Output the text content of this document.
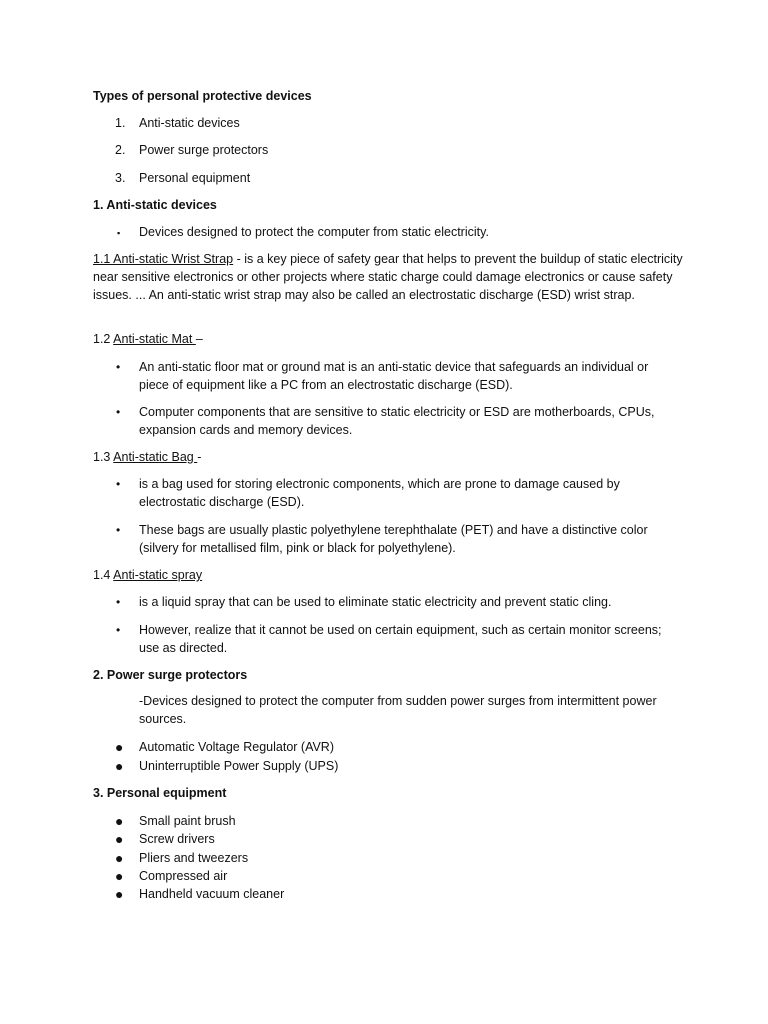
Types of personal protective devices

1. Anti-static devices
2. Power surge protectors
3. Personal equipment

1. Anti-static devices

▪	Devices designed to protect the computer from static electricity.

1.1 Anti-static Wrist Strap - is a key piece of safety gear that helps to prevent the buildup of static electricity near sensitive electronics or other projects where static charge could damage electronics or cause safety issues. ... An anti-static wrist strap may also be called an electrostatic discharge (ESD) wrist strap.

1.2 Anti-static Mat –

•	An anti-static floor mat or ground mat is an anti-static device that safeguards an individual or piece of equipment like a PC from an electrostatic discharge (ESD).

•	Computer components that are sensitive to static electricity or ESD are motherboards, CPUs, expansion cards and memory devices.

1.3 Anti-static Bag -

•	is a bag used for storing electronic components, which are prone to damage caused by electrostatic discharge (ESD).

•	These bags are usually plastic polyethylene terephthalate (PET) and have a distinctive color (silvery for metallised film, pink or black for polyethylene).

1.4 Anti-static spray

•	is a liquid spray that can be used to eliminate static electricity and prevent static cling.

•	However, realize that it cannot be used on certain equipment, such as certain monitor screens; use as directed.

2. Power surge protectors

-Devices designed to protect the computer from sudden power surges from intermittent power sources.

●	Automatic Voltage Regulator (AVR)

●	Uninterruptible Power Supply (UPS)

3. Personal equipment

●	Small paint brush

●	Screw drivers

●	Pliers and tweezers

●	Compressed air

●	Handheld vacuum cleaner
